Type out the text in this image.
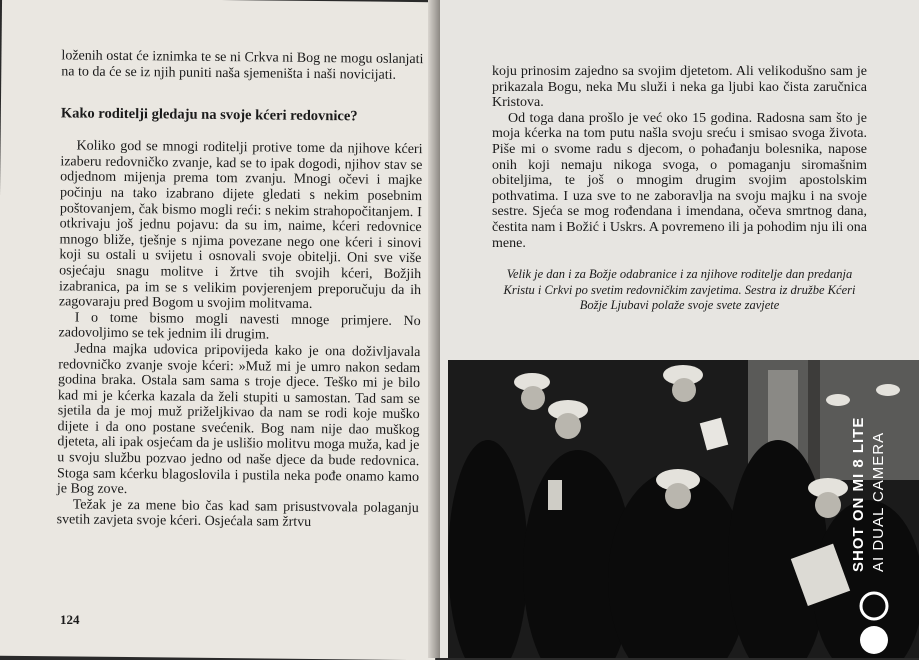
loženih ostat će iznimka te se ni Crkva ni Bog ne mogu oslanjati na to da će se iz njih puniti naša sjemeništa i naši novicijati.

Kako roditelji gledaju na svoje kćeri redovnice?

Koliko god se mnogi roditelji protive tome da njihove kćeri izaberu redovničko zvanje, kad se to ipak dogodi, njihov stav se odjednom mijenja prema tom zvanju. Mnogi očevi i majke počinju na tako izabrano dijete gledati s nekim posebnim poštovanjem, čak bismo mogli reći: s nekim strahopočitanjem. I otkrivaju još jednu pojavu: da su im, naime, kćeri redovnice mnogo bliže, tješnje s njima povezane nego one kćeri i sinovi koji su ostali u svijetu i osnovali svoje obitelji. Oni sve više osjećaju snagu molitve i žrtve tih svojih kćeri, Božjih izabranica, pa im se s velikim povjerenjem preporučuju da ih zagovaraju pred Bogom u svojim molitvama.

I o tome bismo mogli navesti mnoge primjere. No zadovoljimo se tek jednim ili drugim.

Jedna majka udovica pripovijeda kako je ona doživljavala redovničko zvanje svoje kćeri: »Muž mi je umro nakon sedam godina braka. Ostala sam sama s troje djece. Teško mi je bilo kad mi je kćerka kazala da želi stupiti u samostan. Tad sam se sjetila da je moj muž priželjkivao da nam se rodi koje muško dijete i da ono postane svećenik. Bog nam nije dao muškog djeteta, ali ipak osjećam da je uslišio molitvu moga muža, kad je u svoju službu pozvao jedno od naše djece da bude redovnica. Stoga sam kćerku blagoslovila i pustila neka pođe onamo kamo je Bog zove.

Težak je za mene bio čas kad sam prisustvovala polaganju svetih zavjeta svoje kćeri. Osjećala sam žrtvu

124

koju prinosim zajedno sa svojim djetetom. Ali velikodušno sam je prikazala Bogu, neka Mu služi i neka ga ljubi kao čista zaručnica Kristova.

Od toga dana prošlo je već oko 15 godina. Radosna sam što je moja kćerka na tom putu našla svoju sreću i smisao svoga života. Piše mi o svome radu s djecom, o pohađanju bolesnika, napose onih koji nemaju nikoga svoga, o pomaganju siromašnim obiteljima, te još o mnogim drugim svojim apostolskim pothvatima. I uza sve to ne zaboravlja na svoju majku i na svoje sestre. Sjeća se mog rođendana i imendana, očeva smrtnog dana, čestita nam i Božić i Uskrs. A povremeno ili ja pohodim nju ili ona mene.

Velik je dan i za Božje odabranice i za njihove roditelje dan predanja Kristu i Crkvi po svetim redovničkim zavjetima. Sestra iz družbe Kćeri Božje Ljubavi polaže svoje svete zavjete

SHOT ON MI 8 LITE AI DUAL CAMERA
